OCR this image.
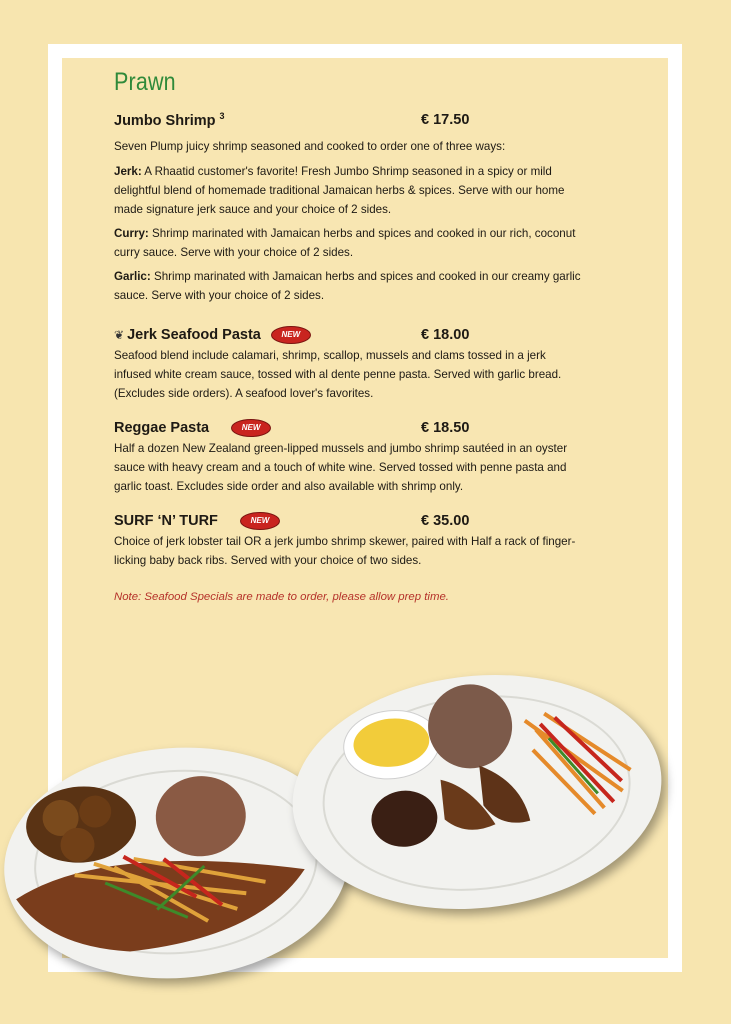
Prawn
Jumbo Shrimp $^3$	€ 17.50

Seven Plump juicy shrimp seasoned and cooked to order one of three ways:

Jerk: A Rhaatid customer's favorite! Fresh Jumbo Shrimp seasoned in a spicy or mild delightful blend of homemade traditional Jamaican herbs & spices. Serve with our home made signature jerk sauce and your choice of 2 sides.

Curry: Shrimp marinated with Jamaican herbs and spices and cooked in our rich, coconut curry sauce. Serve with your choice of 2 sides.

Garlic: Shrimp marinated with Jamaican herbs and spices and cooked in our creamy garlic sauce. Serve with your choice of 2 sides.

❦ Jerk Seafood Pasta	NEW	€ 18.00

Seafood blend include calamari, shrimp, scallop, mussels and clams tossed in a jerk infused white cream sauce, tossed with al dente penne pasta. Served with garlic bread. (Excludes side orders). A seafood lover's favorites.

Reggae Pasta	NEW	€ 18.50

Half a dozen New Zealand green-lipped mussels and jumbo shrimp sautéed in an oyster sauce with heavy cream and a touch of white wine. Served tossed with penne pasta and garlic toast. Excludes side order and also available with shrimp only.

SURF ‘N’ TURF	NEW	€ 35.00

Choice of jerk lobster tail OR a jerk jumbo shrimp skewer, paired with Half a rack of finger-licking baby back ribs. Served with your choice of two sides.

Note: Seafood Specials are made to order, please allow prep time.
